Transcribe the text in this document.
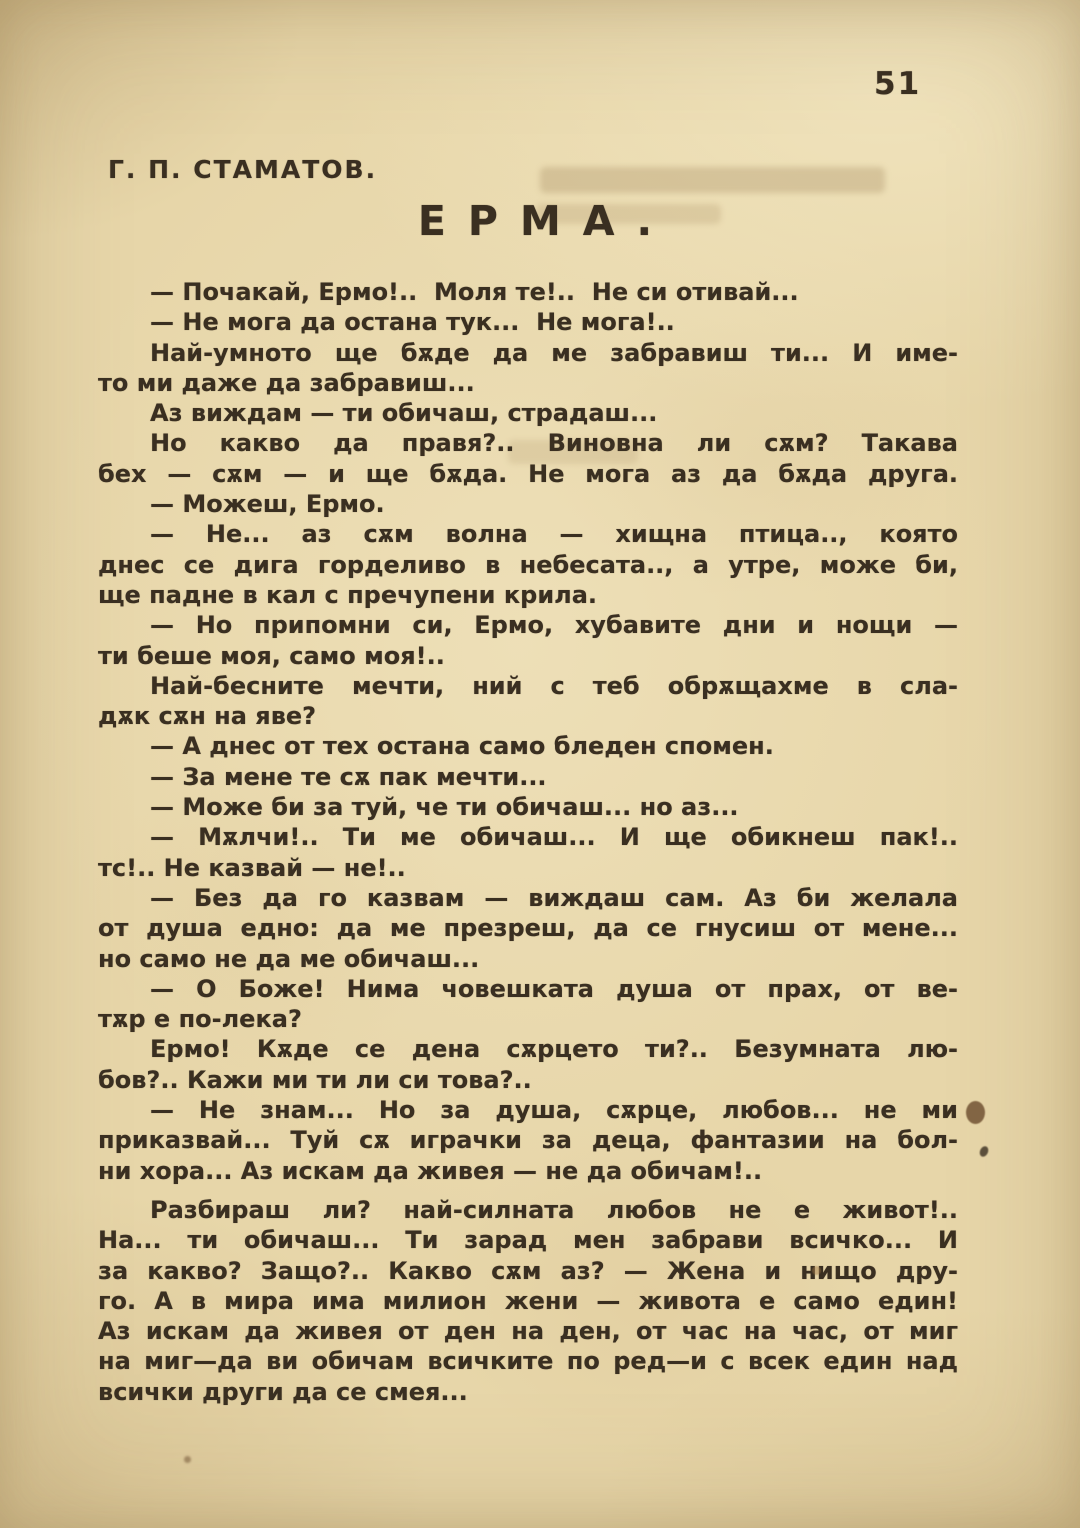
51
Г. П. СТАМАТОВ.
ЕРМА.
— Почакай, Ермо!..  Моля те!..  Не си отивай...
— Не мога да остана тук...  Не мога!..
Най-умното ще бѫде да ме забравиш ти... И име-
то ми даже да забравиш...
Аз виждам — ти обичаш, страдаш...
Но какво да правя?.. Виновна ли сѫм? Такава
бех — сѫм — и ще бѫда. Не мога аз да бѫда друга.
— Можеш, Ермо.
— Не... аз сѫм волна — хищна птица.., която
днес се дига горделиво в небесата.., а утре, може би,
ще падне в кал с пречупени крила.
— Но припомни си, Ермо, хубавите дни и нощи —
ти беше моя, само моя!..
Най-бесните мечти, ний с теб обрѫщахме в сла-
дѫк сѫн на яве?
— А днес от тех остана само бледен спомен.
— За мене те сѫ пак мечти...
— Може би за туй, че ти обичаш... но аз...
— Мѫлчи!.. Ти ме обичаш... И ще обикнеш пак!..
тс!.. Не казвай — не!..
— Без да го казвам — виждаш сам. Аз би желала
от душа едно: да ме презреш, да се гнусиш от мене...
но само не да ме обичаш...
— О Боже! Нима човешката душа от прах, от ве-
тѫр е по-лека?
Ермо! Кѫде се дена сѫрцето ти?.. Безумната лю-
бов?.. Кажи ми ти ли си това?..
— Не знам... Но за душа, сѫрце, любов... не ми
приказвай... Туй сѫ играчки за деца, фантазии на бол-
ни хора... Аз искам да живея — не да обичам!..
Разбираш ли? най-силната любов не е живот!..
На... ти обичаш... Ти зарад мен забрави всичко... И
за какво? Защо?.. Какво сѫм аз? — Жена и нищо дру-
го. А в мира има милион жени — живота е само един!
Аз искам да живея от ден на ден, от час на час, от миг
на миг—да ви обичам всичките по ред—и с всек един над
всички други да се смея...
